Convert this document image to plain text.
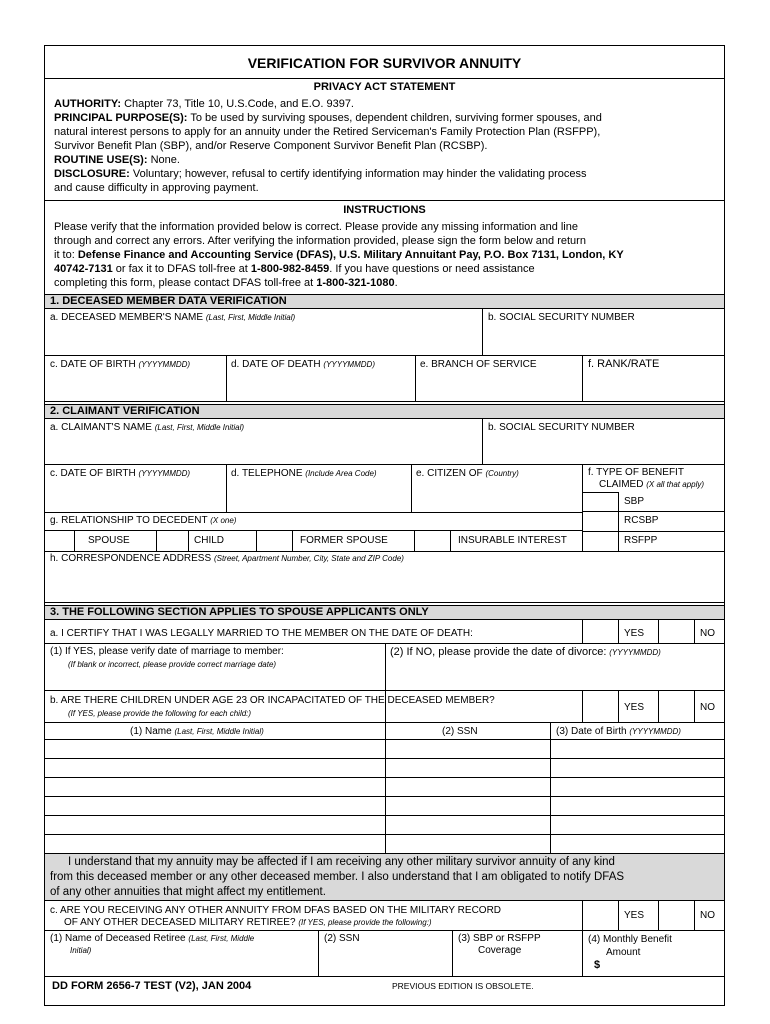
VERIFICATION FOR SURVIVOR ANNUITY
PRIVACY ACT STATEMENT
AUTHORITY: Chapter 73, Title 10, U.S.Code, and E.O. 9397.
PRINCIPAL PURPOSE(S): To be used by surviving spouses, dependent children, surviving former spouses, and
natural interest persons to apply for an annuity under the Retired Serviceman's Family Protection Plan (RSFPP),
Survivor Benefit Plan (SBP), and/or Reserve Component Survivor Benefit Plan (RCSBP).
ROUTINE USE(S): None.
DISCLOSURE: Voluntary; however, refusal to certify identifying information may hinder the validating process
and cause difficulty in approving payment.
INSTRUCTIONS
Please verify that the information provided below is correct. Please provide any missing information and line
through and correct any errors. After verifying the information provided, please sign the form below and return
it to: Defense Finance and Accounting Service (DFAS), U.S. Military Annuitant Pay, P.O. Box 7131, London, KY
40742-7131 or fax it to DFAS toll-free at 1-800-982-8459. If you have questions or need assistance
completing this form, please contact DFAS toll-free at 1-800-321-1080.
1. DECEASED MEMBER DATA VERIFICATION
a. DECEASED MEMBER'S NAME (Last, First, Middle Initial)	b. SOCIAL SECURITY NUMBER
c. DATE OF BIRTH (YYYYMMDD)	d. DATE OF DEATH (YYYYMMDD)	e. BRANCH OF SERVICE	f. RANK/RATE
2. CLAIMANT VERIFICATION
a. CLAIMANT'S NAME (Last, First, Middle Initial)	b. SOCIAL SECURITY NUMBER
c. DATE OF BIRTH (YYYYMMDD)	d. TELEPHONE (Include Area Code)	e. CITIZEN OF (Country)	f. TYPE OF BENEFIT
CLAIMED (X all that apply)
SBP
RCSBP
RSFPP
g. RELATIONSHIP TO DECEDENT (X one)
SPOUSE	CHILD	FORMER SPOUSE	INSURABLE INTEREST
h. CORRESPONDENCE ADDRESS (Street, Apartment Number, City, State and ZIP Code)
3. THE FOLLOWING SECTION APPLIES TO SPOUSE APPLICANTS ONLY
a. I CERTIFY THAT I WAS LEGALLY MARRIED TO THE MEMBER ON THE DATE OF DEATH:	YES	NO
(1) If YES, please verify date of marriage to member:
(If blank or incorrect, please provide correct marriage date)
(2) If NO, please provide the date of divorce: (YYYYMMDD)
b. ARE THERE CHILDREN UNDER AGE 23 OR INCAPACITATED OF THE DECEASED MEMBER?
(If YES, please provide the following for each child:)
YES	NO
(1) Name (Last, First, Middle Initial)	(2) SSN	(3) Date of Birth (YYYYMMDD)
I understand that my annuity may be affected if I am receiving any other military survivor annuity of any kind
from this deceased member or any other deceased member. I also understand that I am obligated to notify DFAS
of any other annuities that might affect my entitlement.
c. ARE YOU RECEIVING ANY OTHER ANNUITY FROM DFAS BASED ON THE MILITARY RECORD
OF ANY OTHER DECEASED MILITARY RETIREE? (If YES, please provide the following:)
YES	NO
(1) Name of Deceased Retiree (Last, First, Middle
Initial)
(2) SSN	(3) SBP or RSFPP
Coverage
(4) Monthly Benefit
Amount
$
DD FORM 2656-7 TEST (V2), JAN 2004	PREVIOUS EDITION IS OBSOLETE.
